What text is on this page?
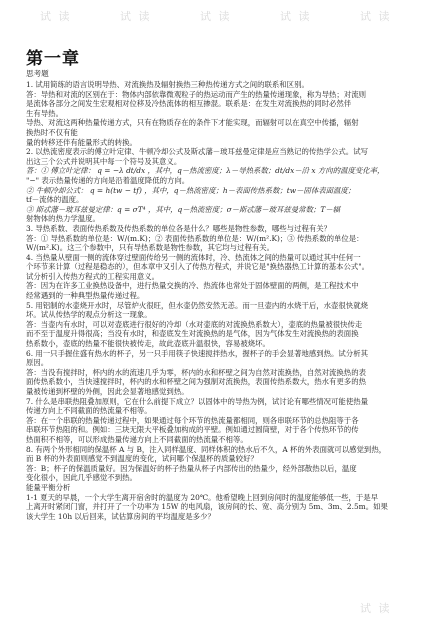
试 读	试 读	试 读	试 读	试 读
试 读
第一章
思考题

1. 试用简练的语言说明导热、对流换热及辐射换热三种热传递方式之间的联系和区别。

答：导热和对流的区别在于：物体内部依靠微观粒子的热运动而产生的热量传递现象，称为导热；对流则

是流体各部分之间发生宏观相对位移及冷热流体的相互掺混。联系是：在发生对流换热的同时必然伴

生有导热。

导热、对流这两种热量传递方式，只有在物质存在的条件下才能实现，而辐射可以在真空中传播，辐射

换热时不仅有能

量的转移还伴有能量形式的转换。

2. 以热流密度表示的傅立叶定律、牛顿冷却公式及斯忒藩－玻耳兹曼定律是应当熟记的传热学公式。试写

出这三个公式并说明其中每一个符号及其意义。

答：① 傅立叶定律： q = −λ dt/dx ，其中，q－热流密度；λ－导热系数；dt/dx－沿 x 方向的温度变化率，

"−" 表示热量传递的方向是沿着温度降低的方向。

② 牛顿冷却公式： q = h(tw − tf) ，其中，q－热流密度；h－表面传热系数；tw－固体表面温度；

tf－流体的温度。

③ 斯忒藩－玻耳兹曼定律：q = σT⁴ ，其中，q－热流密度；σ－斯忒藩－玻耳兹曼常数；T－辐

射物体的热力学温度。

3. 导热系数、表面传热系数及传热系数的单位各是什么？哪些是物性参数，哪些与过程有关？

答：① 导热系数的单位是：W/(m.K)；② 表面传热系数的单位是：W/(m².K)；③ 传热系数的单位是：

W/(m².K)。这三个参数中，只有导热系数是物性参数，其它均与过程有关。

4. 当热量从壁面一侧的流体穿过壁面传给另一侧的流体时，冷、热流体之间的热量可以通过其中任何一

个环节来计算（过程是稳态的），但本章中又引入了传热方程式，并说它是"换热器热工计算的基本公式"。

试分析引入传热方程式的工程实用意义。

答：因为在许多工业换热设备中，进行热量交换的冷、热流体也常处于固体壁面的两侧，是工程技术中

经常遇到的一种典型热量传递过程。

5. 用铝制的水壶烧开水时，尽管炉火很旺，但水壶仍然安然无恙。而一旦壶内的水烧干后，水壶很快就烧

坏。试从传热学的观点分析这一现象。

答：当壶内有水时，可以对壶底进行很好的冷却（水对壶底的对流换热系数大），壶底的热量被很快传走

而不至于温度升得很高；当没有水时，和壶底发生对流换热的是气体，因为气体发生对流换热的表面换

热系数小，壶底的热量不能很快被传走，故此壶底升温很快，容易被烧坏。

6. 用一只手握住盛有热水的杯子，另一只手用筷子快速搅拌热水，握杯子的手会显著地感到热。试分析其

原因。

答：当没有搅拌时，杯内的水的流速几乎为零，杯内的水和杯壁之间为自然对流换热，自然对流换热的表

面传热系数小，当快速搅拌时，杯内的水和杯壁之间为强制对流换热，表面传热系数大，热水有更多的热

量被传递到杯壁的外侧，因此会显著地感觉到热。

7. 什么是串联热阻叠加原则，它在什么前提下成立？以固体中的导热为例，试讨论有哪些情况可能使热量

传递方向上不同截面的热流量不相等。

答：在一个串联的热量传递过程中，如果通过每个环节的热流量都相同，则各串联环节的总热阻等于各

串联环节热阻的和。例如：三块无限大平板叠加构成的平壁。例如通过圆筒壁，对于各个传热环节的传

热面积不相等，可以形成热量传递方向上不同截面的热流量不相等。

8. 有两个外形相同的保温杯 A 与 B，注入同样温度、同样体积的热水后不久，A 杯的外表面就可以感觉到热，

而 B 杯的外表面则感觉不到温度的变化，试问哪个保温杯的质量较好？

答：B；杯子的保温质量好。因为保温好的杯子热量从杯子内部传出的热量少，经外部散热以后，温度

变化很小，因此几乎感觉不到热。

能量平衡分析

1-1 夏天的早晨，一个大学生离开宿舍时的温度为 20℃。他希望晚上回到房间时的温度能够低一些，于是早

上离开时紧闭门窗，并打开了一个功率为 15W 的电风扇，该房间的长、宽、高分别为 5m、3m、2.5m。如果

该大学生 10h 以后回来，试估算房间的平均温度是多少？
